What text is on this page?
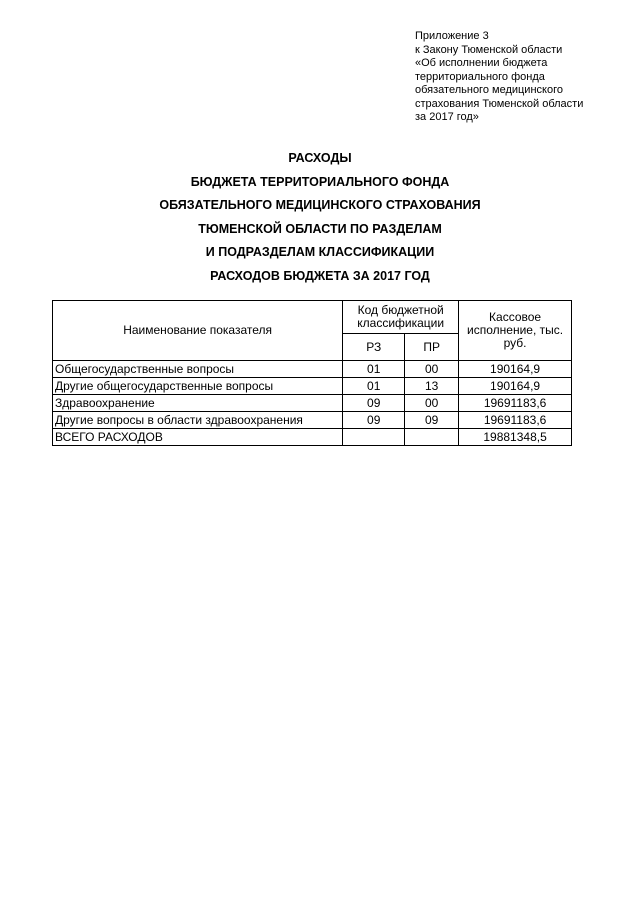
Приложение 3
к Закону Тюменской области
«Об исполнении бюджета
территориального фонда
обязательного медицинского
страхования Тюменской области
за 2017 год»
РАСХОДЫ
БЮДЖЕТА ТЕРРИТОРИАЛЬНОГО ФОНДА
ОБЯЗАТЕЛЬНОГО МЕДИЦИНСКОГО СТРАХОВАНИЯ
ТЮМЕНСКОЙ ОБЛАСТИ ПО РАЗДЕЛАМ
И ПОДРАЗДЕЛАМ КЛАССИФИКАЦИИ
РАСХОДОВ БЮДЖЕТА ЗА 2017 ГОД
Наименование показателя	Код бюджетной классификации		Кассовое исполнение, тыс. руб.
	РЗ	ПР	
Общегосударственные вопросы	01	00	190164,9
Другие общегосударственные вопросы	01	13	190164,9
Здравоохранение	09	00	19691183,6
Другие вопросы в области здравоохранения	09	09	19691183,6
ВСЕГО РАСХОДОВ			19881348,5
